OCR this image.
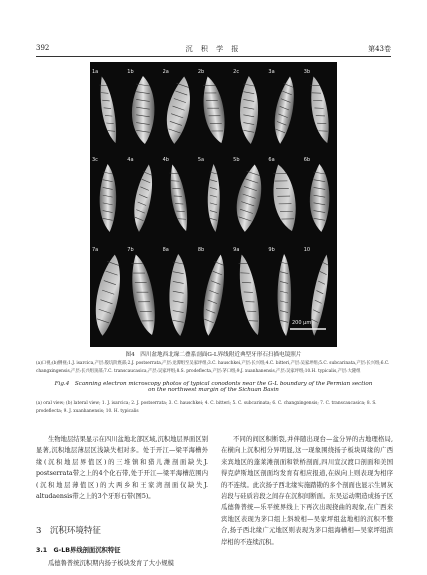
392	沉 积 学 报	第43卷
1a	1b	2a	2b	2c	3a	3b
3c	4a	4b	5a	5b	6a	6b
7a	7b	8a	8b	9a	9b	10
200 μm
图4　四川盆地西北缘二叠系剖面G-L界线附近典型牙形石扫描电镜照片
(a)口视;(b)侧视;1.J. isarcica,产层:殷坑阶底部;2.J. postserrata,产层:龙潭组至吴家坪组;3.C. hauschkei,产层:长兴组;4.C. bitteri,产层:吴家坪组;5.C. subcarinata,产层:长兴组;6.C. changxingensis,产层:长兴组顶部;7.C. transcaucasica,产层:吴家坪组;8.S. prodeflecta,产层:茅口组;9.J. xuanhanensis,产层:吴家坪组;10.H. typicalis,产层:大隆组
Fig.4　Scanning electron microscopy photos of typical conodonts near the G-L boundary of the Permian section
on the northwest margin of the Sichuan Basin
(a) oral view; (b) lateral view; 1. J. isarcica; 2. J. postserrata; 3. C. hauschkei; 4. C. bitteri; 5. C. subcarinata; 6. C. changxingensis; 7. C. transcaucasica; 8. S. prodeflecta; 9. J. xuanhanensis; 10. H. typicalis

生物地层结果显示在四川盆地北部区域,沉积地层界面区别显著,沉积地层薄层区浅缺失相对多。处于开江—梁平海槽外缘(沉积地层界值区)的三堆镇和猎儿潍剖面缺失J. postserrata带之上的4个化石带,处于开江—梁平海槽范围内(沉积地层薄值区)的大两乡和王家湾剖面仅缺失J. altudaensis带之上的3个牙形石带(图5)。

不同的间区积断裂,并伴随出现台—盆分异的古地理格局,在横向上沉积相分异明显,这一现象围绕扬子板块周缘的广西来宾地区的蓬莱滩剖面和铁桥剖面,四川宣汉渡口剖面和美国得克萨斯地区剖面均发育有相应报道,在纵向上则表现为相序的不连续。此次扬子西北缘实施踏勘的多个剖面也显示生屑灰岩段与硅质岩段之间存在沉积间断面。东吴运动期造成扬子区瓜德鲁普统—乐平统界线上下再次出现挠曲的现象,在广西来宾地区表现为茅口组上斜坡相—吴家坪组盆地相的沉积不整合,扬子西北缘广元地区则表现为茅口组海槽相—吴家坪组滨岸相的不连续沉积。

3　沉积环境特征
3.1　G-LB界线剖面沉积特征
瓜德鲁普统沉积期内扬子板块发育了大小规模
